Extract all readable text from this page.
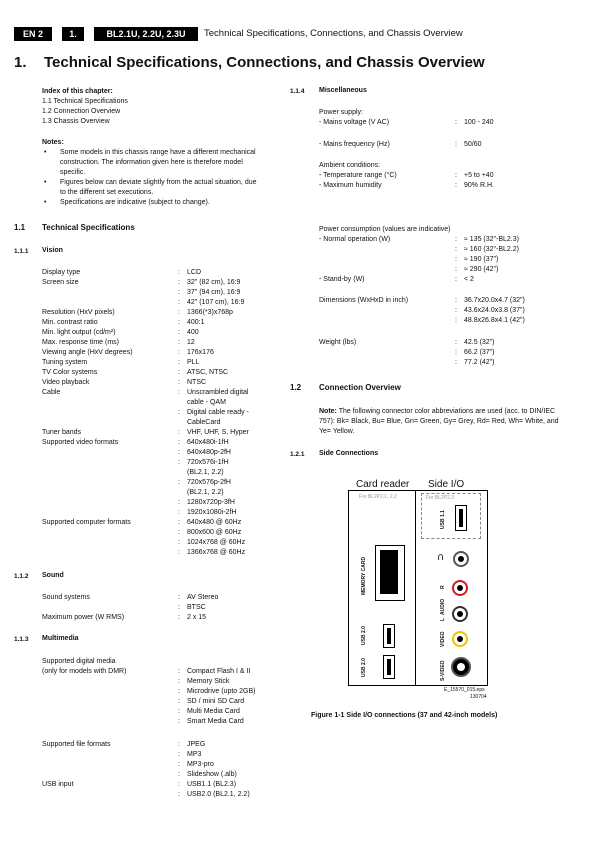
EN 2	1.	BL2.1U, 2.2U, 2.3U	Technical Specifications, Connections, and Chassis Overview
1. Technical Specifications, Connections, and Chassis Overview
Index of this chapter:
1.1 Technical Specifications
1.2 Connection Overview
1.3 Chassis Overview
Notes:
• Some models in this chassis range have a different mechanical construction. The information given here is therefore model specific.
• Figures below can deviate slightly from the actual situation, due to the different set executions.
• Specifications are indicative (subject to change).
1.1 Technical Specifications
1.1.1 Vision
Display type	: LCD
Screen size	: 32" (82 cm), 16:9
: 37" (94 cm), 16:9
: 42" (107 cm), 16:9
Resolution (HxV pixels)	: 1366(*3)x768p
Min. contrast ratio	: 400:1
Min. light output (cd/m²)	: 400
Max. response time (ms)	: 12
Viewing angle (HxV degrees)	: 176x176
Tuning system	: PLL
TV Color systems	: ATSC, NTSC
Video playback	: NTSC
Cable	: Unscrambled digital
cable - QAM
: Digital cable ready -
CableCard
Tuner bands	: VHF, UHF, S, Hyper
Supported video formats	: 640x480i-1fH
: 640x480p-2fH
: 720x576i-1fH
(BL2.1, 2.2)
: 720x576p-2fH
(BL2.1, 2.2)
: 1280x720p-3fH
: 1920x1080i-2fH
Supported computer formats	: 640x480 @ 60Hz
: 800x600 @ 60Hz
: 1024x768 @ 60Hz
: 1366x768 @ 60Hz
1.1.2 Sound
Sound systems	: AV Stereo
: BTSC
Maximum power (W RMS)	: 2 x 15
1.1.3 Multimedia
Supported digital media
(only for models with DMR)	: Compact Flash I & II
: Memory Stick
: Microdrive (upto 2GB)
: SD / mini SD Card
: Multi Media Card
: Smart Media Card
Supported file formats	: JPEG
: MP3
: MP3-pro
: Slideshow (.alb)
USB input	: USB1.1 (BL2.3)
: USB2.0 (BL2.1, 2.2)
1.1.4 Miscellaneous
Power supply:
- Mains voltage (V AC)	: 100 - 240
- Mains frequency (Hz)	: 50/60
Ambient conditions:
- Temperature range (°C)	: +5 to +40
- Maximum humidity	: 90% R.H.
Power consumption (values are indicative)
- Normal operation (W)	: ≈ 135 (32"-BL2.3)
: ≈ 160 (32"-BL2.2)
: ≈ 190 (37")
: ≈ 290 (42")
- Stand-by (W)	: < 2
Dimensions (WxHxD in inch)	: 36.7x20.0x4.7 (32")
: 43.6x24.0x3.8 (37")
: 48.8x26.8x4.1 (42")
Weight (lbs)	: 42.5 (32")
: 66.2 (37")
: 77.2 (42")
1.2 Connection Overview
Note: The following connector color abbreviations are used (acc. to DIN/IEC 757): Bk= Black, Bu= Blue, Gn= Green, Gy= Grey, Rd= Red, Wh= White, and Ye= Yellow.
1.2.1 Side Connections
Card reader Side I/O
For BL2P2.1, 2.2	For BL2P2.3
USB 1.1
MEMORY CARD
USB 2.0
USB 2.0
∩
R
AUDIO
L
VIDEO
S-VIDEO
E_15570_015.eps
130704
Figure 1-1 Side I/O connections (37 and 42-inch models)
